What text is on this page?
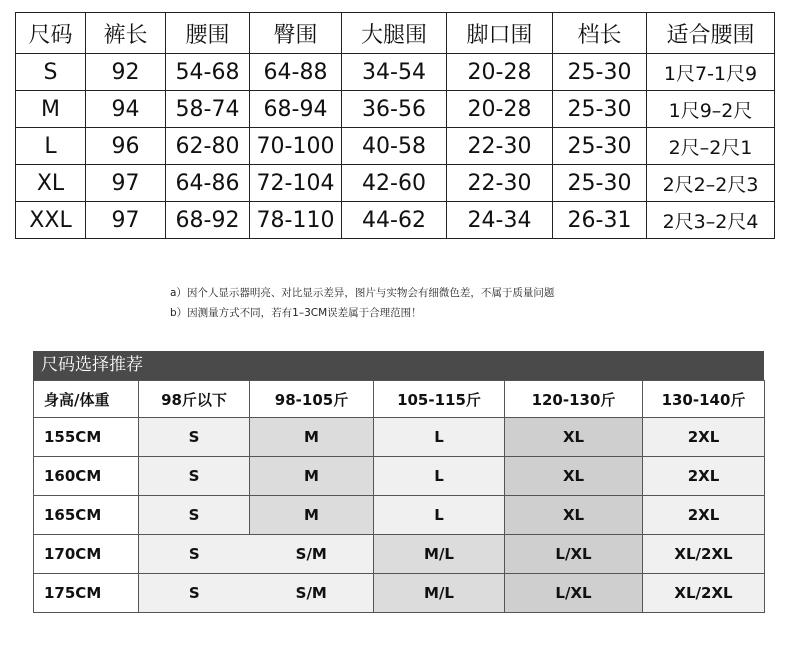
尺码	裤长	腰围	臀围	大腿围	脚口围	档长	适合腰围
S	92	54-68	64-88	34-54	20-28	25-30	1尺7-1尺9
M	94	58-74	68-94	36-56	20-28	25-30	1尺9–2尺
L	96	62-80	70-100	40-58	22-30	25-30	2尺–2尺1
XL	97	64-86	72-104	42-60	22-30	25-30	2尺2–2尺3
XXL	97	68-92	78-110	44-62	24-34	26-31	2尺3–2尺4
a）因个人显示器明亮、对比显示差异，图片与实物会有细微色差，不属于质量问题
b）因测量方式不同，若有1–3CM误差属于合理范围！
尺码选择推荐
身高/体重	98斤以下	98-105斤	105-115斤	120-130斤	130-140斤
155CM	S	M	L	XL	2XL
160CM	S	M	L	XL	2XL
165CM	S	M	L	XL	2XL
170CM	S	S/M	M/L	L/XL	XL/2XL
175CM	S	S/M	M/L	L/XL	XL/2XL
